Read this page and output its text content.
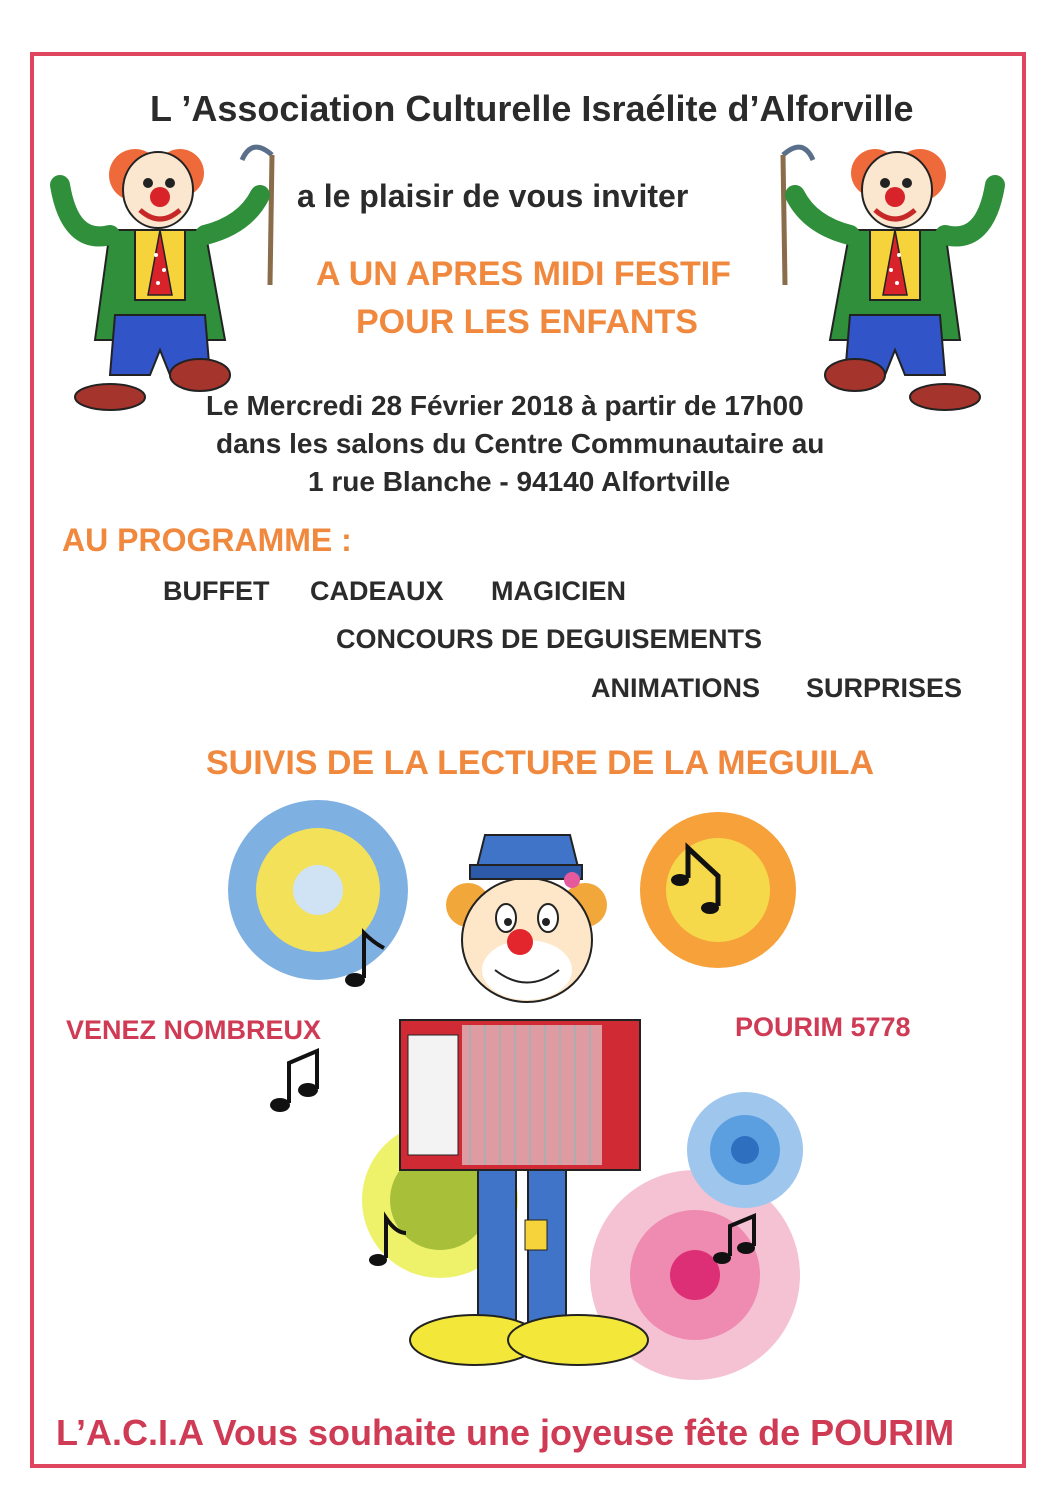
L ’Association Culturelle Israélite d’Alforville
a le plaisir de vous inviter
A UN APRES MIDI FESTIF
POUR LES ENFANTS
Le Mercredi 28 Février 2018 à partir de 17h00
dans les salons du Centre Communautaire au
1 rue Blanche - 94140 Alfortville
AU PROGRAMME :
BUFFET CADEAUX MAGICIEN
CONCOURS DE DEGUISEMENTS
ANIMATIONS SURPRISES
SUIVIS DE LA LECTURE DE LA MEGUILA
VENEZ NOMBREUX	POURIM 5778
L’A.C.I.A Vous souhaite une joyeuse fête de POURIM
